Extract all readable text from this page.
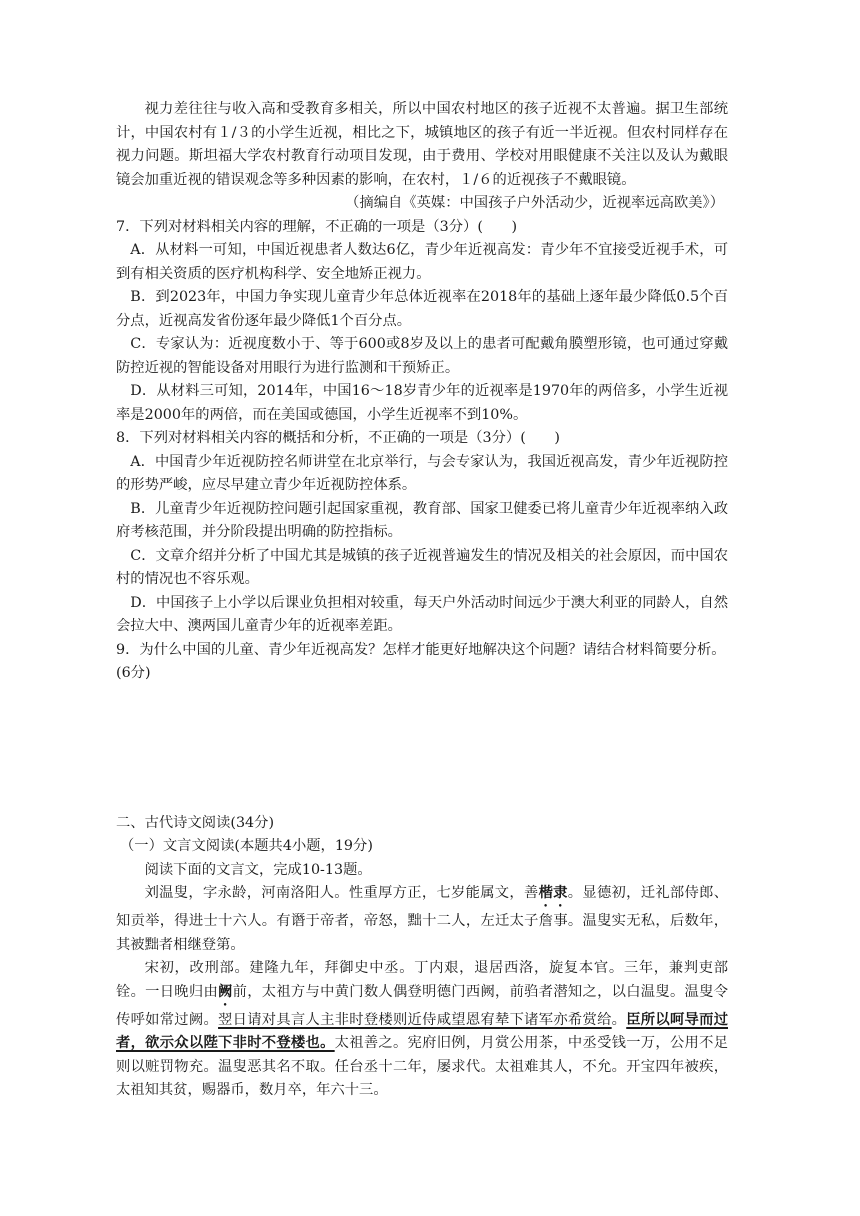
视力差往往与收入高和受教育多相关，所以中国农村地区的孩子近视不太普遍。据卫生部统计，中国农村有１/３的小学生近视，相比之下，城镇地区的孩子有近一半近视。但农村同样存在视力问题。斯坦福大学农村教育行动项目发现，由于费用、学校对用眼健康不关注以及认为戴眼镜会加重近视的错误观念等多种因素的影响，在农村，１/６的近视孩子不戴眼镜。

（摘编自《英媒：中国孩子户外活动少，近视率远高欧美》）

7．下列对材料相关内容的理解，不正确的一项是（3分）(　　)

A．从材料一可知，中国近视患者人数达6亿，青少年近视高发：青少年不宜接受近视手术，可到有相关资质的医疗机构科学、安全地矫正视力。

B．到2023年，中国力争实现儿童青少年总体近视率在2018年的基础上逐年最少降低0.5个百分点，近视高发省份逐年最少降低1个百分点。

C．专家认为：近视度数小于、等于600或8岁及以上的患者可配戴角膜塑形镜，也可通过穿戴防控近视的智能设备对用眼行为进行监测和干预矫正。

D．从材料三可知，2014年，中国16～18岁青少年的近视率是1970年的两倍多，小学生近视率是2000年的两倍，而在美国或德国，小学生近视率不到10%。

8．下列对材料相关内容的概括和分析，不正确的一项是（3分）(　　)

A．中国青少年近视防控名师讲堂在北京举行，与会专家认为，我国近视高发，青少年近视防控的形势严峻，应尽早建立青少年近视防控体系。

B．儿童青少年近视防控问题引起国家重视，教育部、国家卫健委已将儿童青少年近视率纳入政府考核范围，并分阶段提出明确的防控指标。

C．文章介绍并分析了中国尤其是城镇的孩子近视普遍发生的情况及相关的社会原因，而中国农村的情况也不容乐观。

D．中国孩子上小学以后课业负担相对较重，每天户外活动时间远少于澳大利亚的同龄人，自然会拉大中、澳两国儿童青少年的近视率差距。

9．为什么中国的儿童、青少年近视高发？怎样才能更好地解决这个问题？请结合材料简要分析。(6分)

二、古代诗文阅读(34分)

（一）文言文阅读(本题共4小题，19分)

阅读下面的文言文，完成10-13题。

刘温叟，字永龄，河南洛阳人。性重厚方正，七岁能属文，善楷隶。显德初，迁礼部侍郎、知贡举，得进士十六人。有谮于帝者，帝怒，黜十二人，左迁太子詹事。温叟实无私，后数年，其被黜者相继登第。

宋初，改刑部。建隆九年，拜御史中丞。丁内艰，退居西洛，旋复本官。三年，兼判吏部铨。一日晚归由阙前，太祖方与中黄门数人偶登明德门西阙，前驺者潜知之，以白温叟。温叟令传呼如常过阙。翌日请对具言人主非时登楼则近侍咸望恩宥辇下诸军亦希赏给。臣所以呵导而过者，欲示众以陛下非时不登楼也。太祖善之。宪府旧例，月赏公用茶，中丞受钱一万，公用不足则以赃罚物充。温叟恶其名不取。任台丞十二年，屡求代。太祖难其人，不允。开宝四年被疾，太祖知其贫，赐器币，数月卒，年六十三。
